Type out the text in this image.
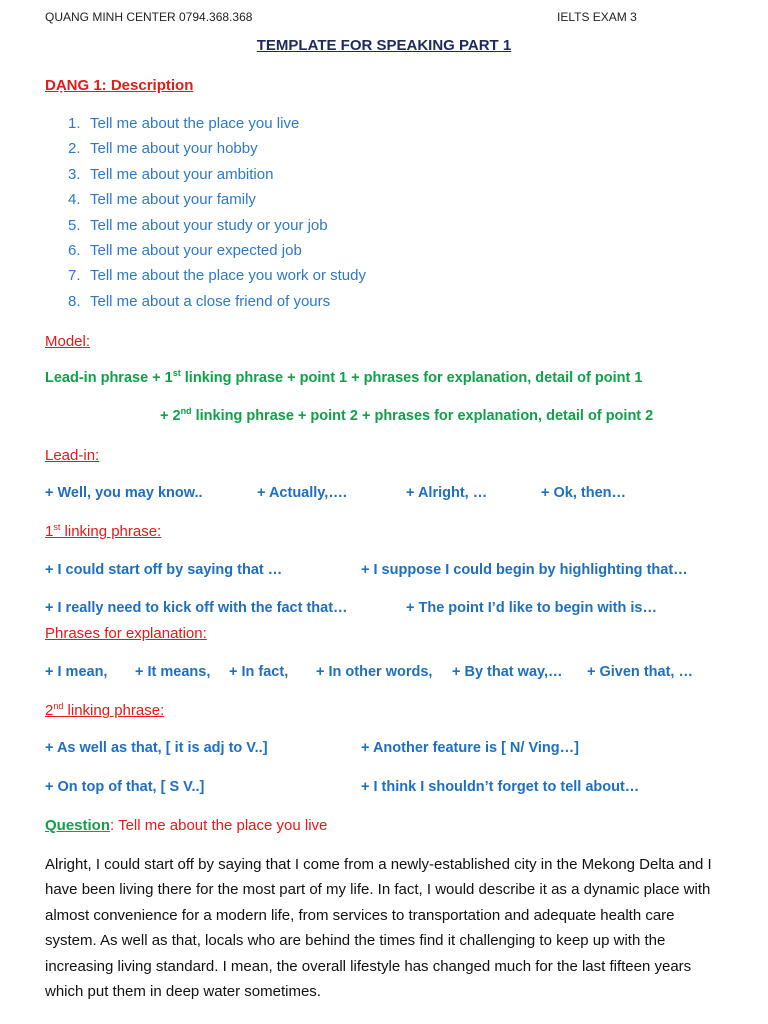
QUANG MINH CENTER 0794.368.368	IELTS EXAM 3
TEMPLATE FOR SPEAKING PART 1
DẠNG 1: Description
1. Tell me about the place you live
2. Tell me about your hobby
3. Tell me about your ambition
4. Tell me about your family
5. Tell me about your study or your job
6. Tell me about your expected job
7. Tell me about the place you work or study
8. Tell me about a close friend of yours
Model:
Lead-in phrase + 1st linking phrase + point 1 + phrases for explanation, detail of point 1
+ 2nd linking phrase + point 2 + phrases for explanation, detail of point 2
Lead-in:
+ Well, you may know..	+ Actually,….	+ Alright, …	+ Ok, then…
1st linking phrase:
+ I could start off by saying that …	+ I suppose I could begin by highlighting that…
+ I really need to kick off with the fact that…	+ The point I’d like to begin with is…
Phrases for explanation:
+ I mean, + It means, + In fact, + In other words, + By that way,… + Given that, …
2nd linking phrase:
+ As well as that, [ it is adj to V..]	+ Another feature is [ N/ Ving…]
+ On top of that, [ S V..]	+ I think I shouldn’t forget to tell about…
Question: Tell me about the place you live
Alright, I could start off by saying that I come from a newly-established city in the Mekong Delta and I have been living there for the most part of my life. In fact, I would describe it as a dynamic place with almost convenience for a modern life, from services to transportation and adequate health care system. As well as that, locals who are behind the times find it challenging to keep up with the increasing living standard. I mean, the overall lifestyle has changed much for the last fifteen years which put them in deep water sometimes.
